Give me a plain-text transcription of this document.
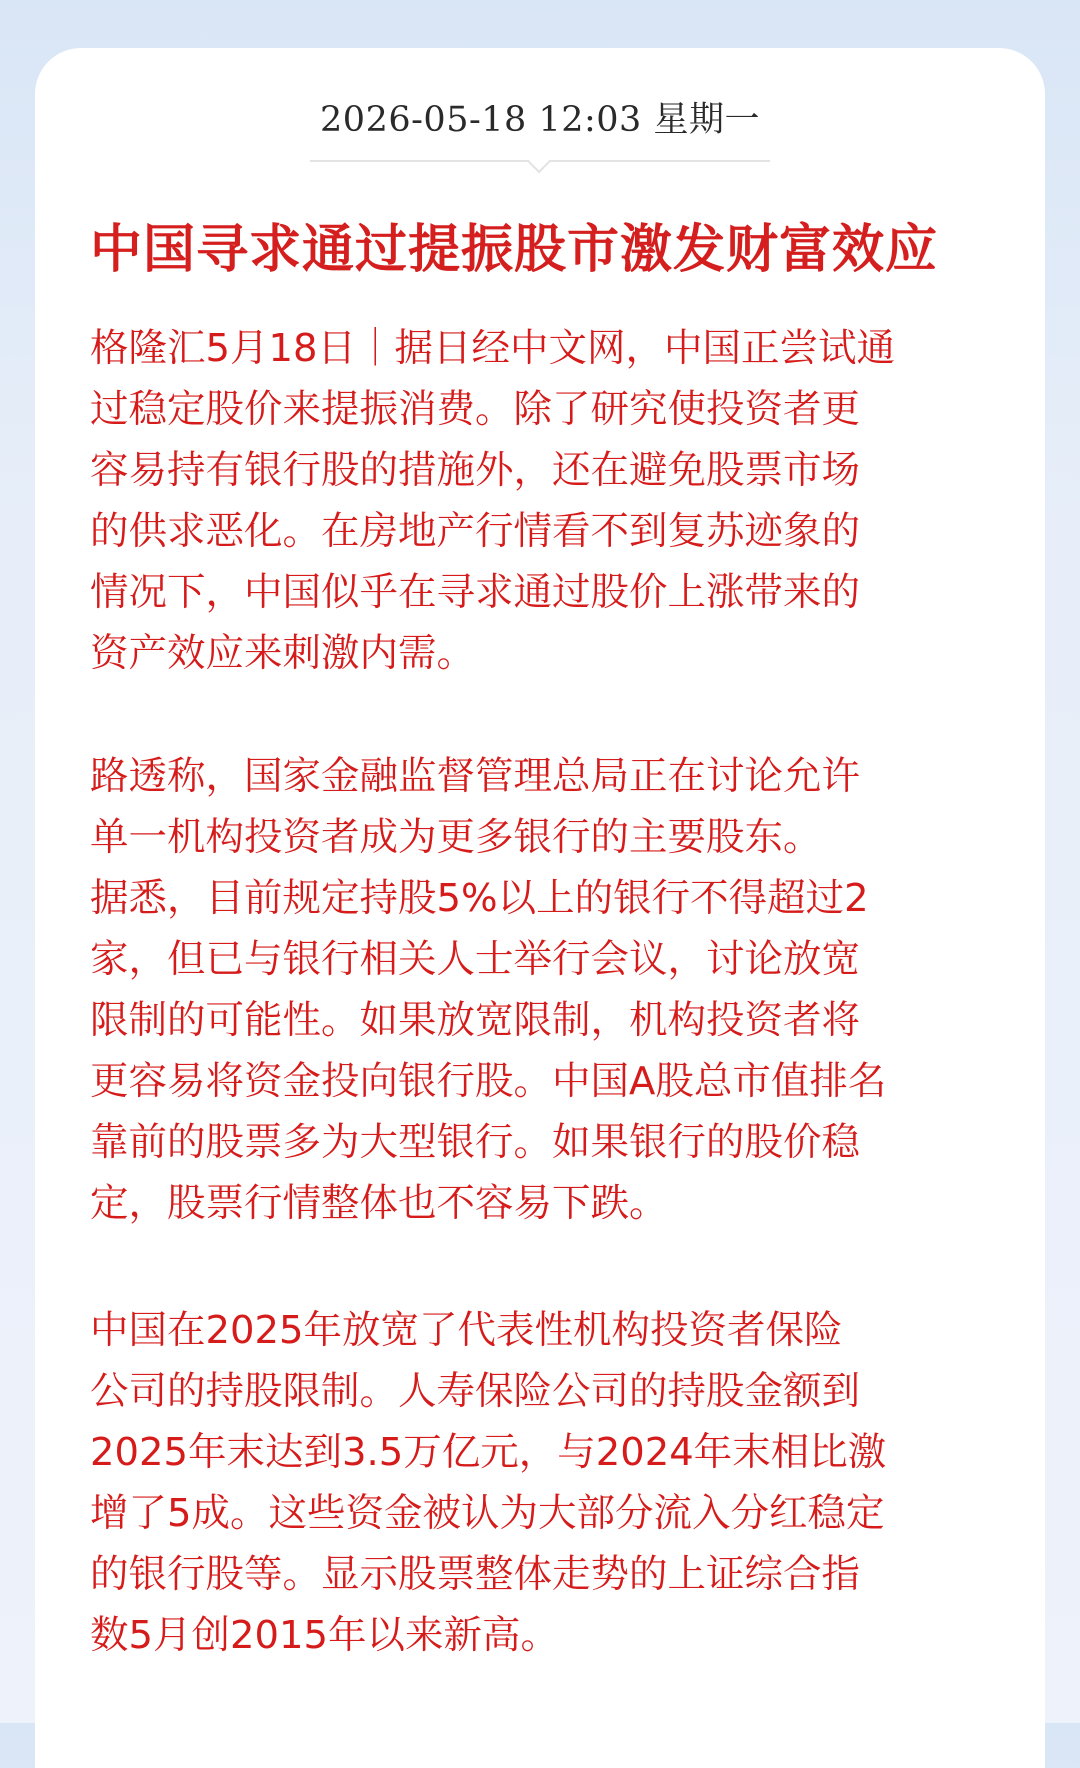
2026-05-18 12:03 星期一
中国寻求通过提振股市激发财富效应
格隆汇5月18日｜据日经中文网，中国正尝试通
过稳定股价来提振消费。除了研究使投资者更
容易持有银行股的措施外，还在避免股票市场
的供求恶化。在房地产行情看不到复苏迹象的
情况下，中国似乎在寻求通过股价上涨带来的
资产效应来刺激内需。
路透称，国家金融监督管理总局正在讨论允许
单一机构投资者成为更多银行的主要股东。
据悉，目前规定持股5%以上的银行不得超过2
家，但已与银行相关人士举行会议，讨论放宽
限制的可能性。如果放宽限制，机构投资者将
更容易将资金投向银行股。中国A股总市值排名
靠前的股票多为大型银行。如果银行的股价稳
定，股票行情整体也不容易下跌。
中国在2025年放宽了代表性机构投资者保险
公司的持股限制。人寿保险公司的持股金额到
2025年末达到3.5万亿元，与2024年末相比激
增了5成。这些资金被认为大部分流入分红稳定
的银行股等。显示股票整体走势的上证综合指
数5月创2015年以来新高。
